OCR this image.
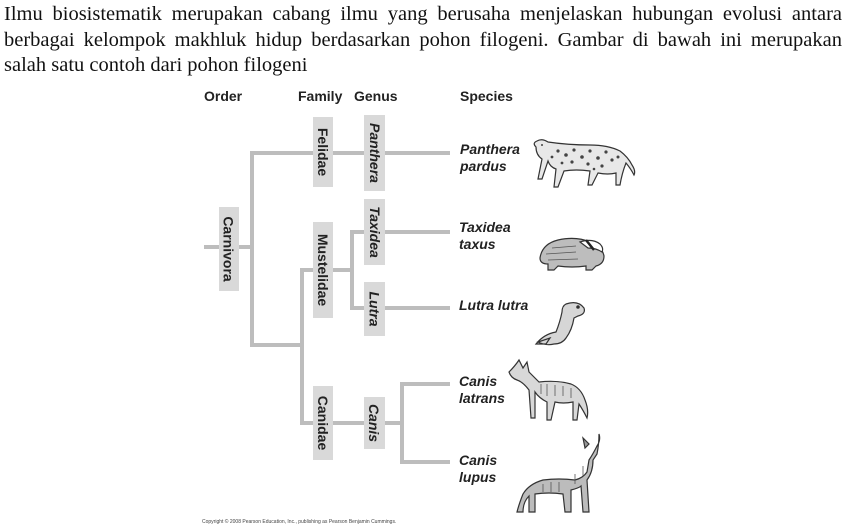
Ilmu biosistematik merupakan cabang ilmu yang berusaha menjelaskan hubungan evolusi antara berbagai kelompok makhluk hidup berdasarkan pohon filogeni. Gambar di bawah ini merupakan salah satu contoh dari pohon filogeni

Order	Family Genus	Species
Carnivora
Felidae
Mustelidae
Canidae
Panthera
Taxidea
Lutra
Canis
Panthera
pardus
Taxidea
taxus
Lutra lutra
Canis
latrans
Canis
lupus
Copyright © 2008 Pearson Education, Inc., publishing as Pearson Benjamin Cummings.
